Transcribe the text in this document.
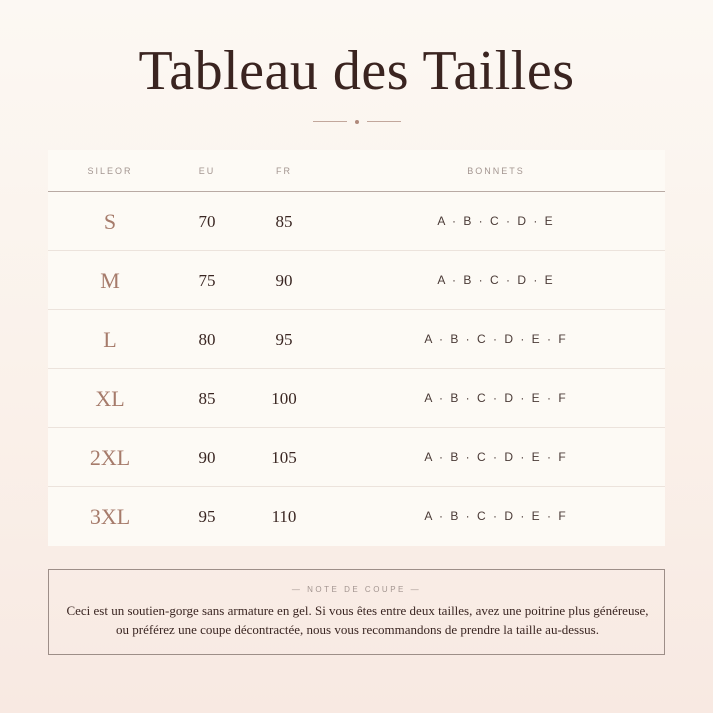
Tableau des Tailles
SILEOR	EU	FR	BONNETS
S	70	85	A · B · C · D · E
M	75	90	A · B · C · D · E
L	80	95	A · B · C · D · E · F
XL	85	100	A · B · C · D · E · F
2XL	90	105	A · B · C · D · E · F
3XL	95	110	A · B · C · D · E · F
— NOTE DE COUPE —

Ceci est un soutien-gorge sans armature en gel. Si vous êtes entre deux tailles, avez une poitrine plus généreuse, ou préférez une coupe décontractée, nous vous recommandons de prendre la taille au-dessus.
